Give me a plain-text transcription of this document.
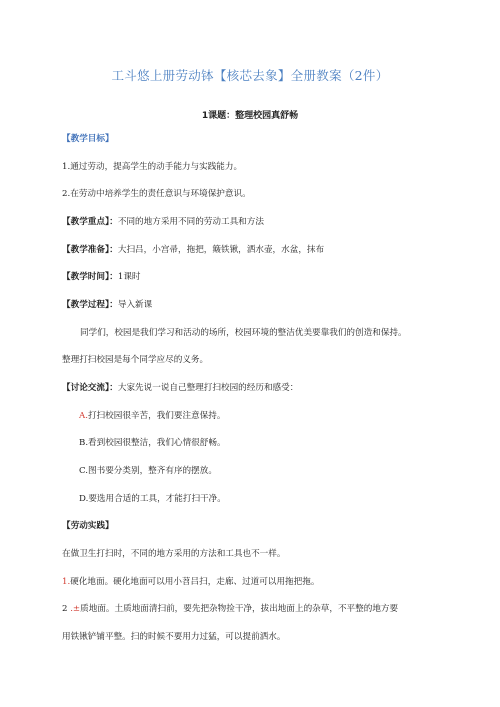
工斗悠上册劳动钵【核芯去象】全册教案（2件）
1课题：整理校园真舒畅
【教学目标】
1.通过劳动，提高学生的动手能力与实践能力。
2.在劳动中培养学生的责任意识与环境保护意识。
【教学重点】：不同的地方采用不同的劳动工具和方法
【教学准备】：大扫吕，小宫帚，拖把，簸铁锹，洒水壶，水盆，抹布
【教学时间】：1课时
【教学过程】：导入新课
同学们，校园是我们学习和活动的场所，校园环境的整洁优美要靠我们的创造和保持。
整理打扫校园是每个同学应尽的义务。
【讨论交流】：大家先说一说自己整理打扫校园的经历和感受：
A.打扫校园很辛苦，我们要注意保持。
B.看到校园很整洁，我们心情很舒畅。
C.图书要分类别，整齐有序的摆放。
D.要选用合适的工具，才能打扫干净。
【劳动实践】
在做卫生打扫时，不同的地方采用的方法和工具也不一样。
1.硬化地面。硬化地面可以用小苕吕扫，走廊、过道可以用拖把拖。
2 .±质地面。土质地面清扫前，要先把杂物捡干净，拔出地面上的杂草，不平整的地方要
用铁锹铲铺平整。扫的时候不要用力过猛，可以提前洒水。
